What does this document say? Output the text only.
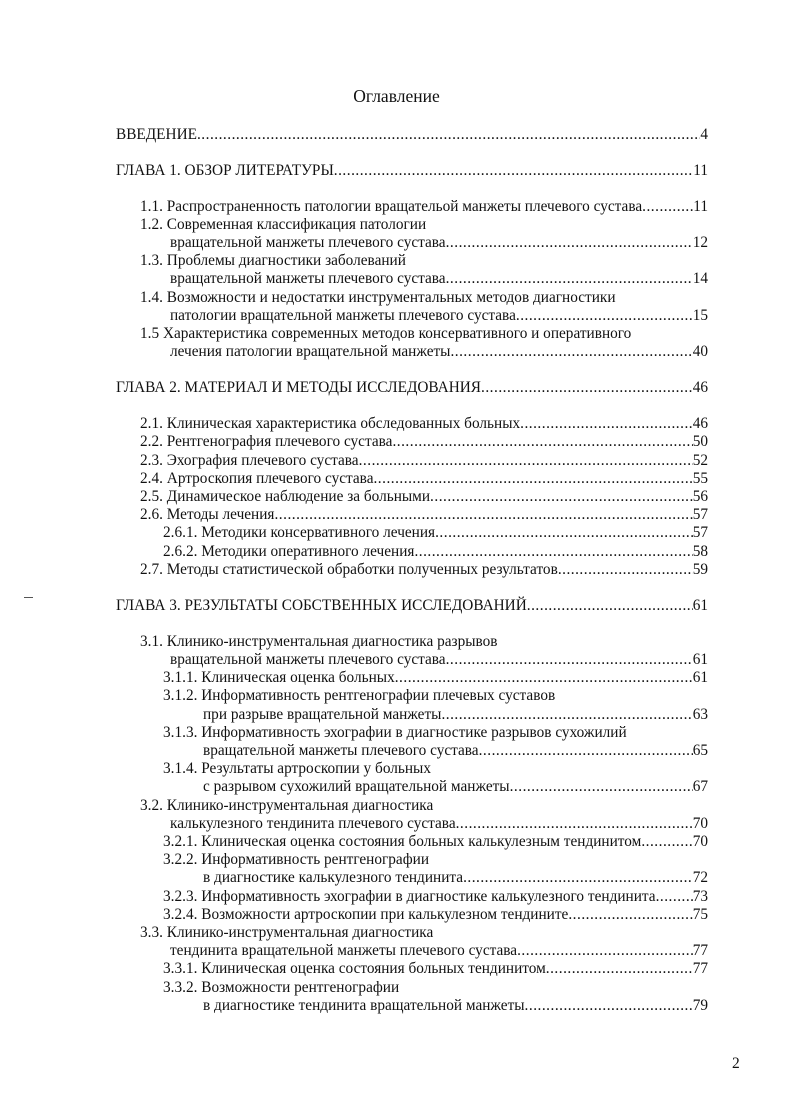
Оглавление
ВВЕДЕНИЕ .....	4
ГЛАВА 1. ОБЗОР ЛИТЕРАТУРЫ .....	11
1.1. Распространенность патологии вращательой манжеты плечевого сустава .....	11
1.2. Современная классификация патологии
вращательной манжеты плечевого сустава .....	12
1.3. Проблемы диагностики заболеваний
вращательной манжеты плечевого сустава .....	14
1.4. Возможности и недостатки инструментальных методов диагностики
патологии вращательной манжеты плечевого сустава .....	15
1.5 Характеристика современных методов консервативного и оперативного
лечения патологии вращательной манжеты .....	40
ГЛАВА 2. МАТЕРИАЛ И МЕТОДЫ ИССЛЕДОВАНИЯ .....	46
2.1. Клиническая характеристика обследованных больных .....	46
2.2. Рентгенография плечевого сустава .....	50
2.3. Эхография плечевого сустава .....	52
2.4. Артроскопия плечевого сустава .....	55
2.5. Динамическое наблюдение за больными .....	56
2.6. Методы лечения .....	57
2.6.1. Методики консервативного лечения .....	57
2.6.2. Методики оперативного лечения .....	58
2.7. Методы статистической обработки полученных результатов .....	59
ГЛАВА 3. РЕЗУЛЬТАТЫ СОБСТВЕННЫХ ИССЛЕДОВАНИЙ .....	61
3.1. Клинико-инструментальная диагностика разрывов
вращательной манжеты плечевого сустава .....	61
3.1.1. Клиническая оценка больных .....	61
3.1.2. Информативность рентгенографии плечевых суставов
при разрыве вращательной манжеты .....	63
3.1.3. Информативность эхографии в диагностике разрывов сухожилий
вращательной манжеты плечевого сустава .....	65
3.1.4. Результаты артроскопии у больных
с разрывом сухожилий вращательной манжеты .....	67
3.2. Клинико-инструментальная диагностика
калькулезного тендинита плечевого сустава .....	70
3.2.1. Клиническая оценка состояния больных калькулезным тендинитом .....	70
3.2.2. Информативность рентгенографии
в диагностике калькулезного тендинита .....	72
3.2.3. Информативность эхографии в диагностике калькулезного тендинита ..... 73
3.2.4. Возможности артроскопии при калькулезном тендините .....	75
3.3. Клинико-инструментальная диагностика
тендинита вращательной манжеты плечевого сустава .....	77
3.3.1. Клиническая оценка состояния больных тендинитом .....	77
3.3.2. Возможности рентгенографии
в диагностике тендинита вращательной манжеты .....	79
2
